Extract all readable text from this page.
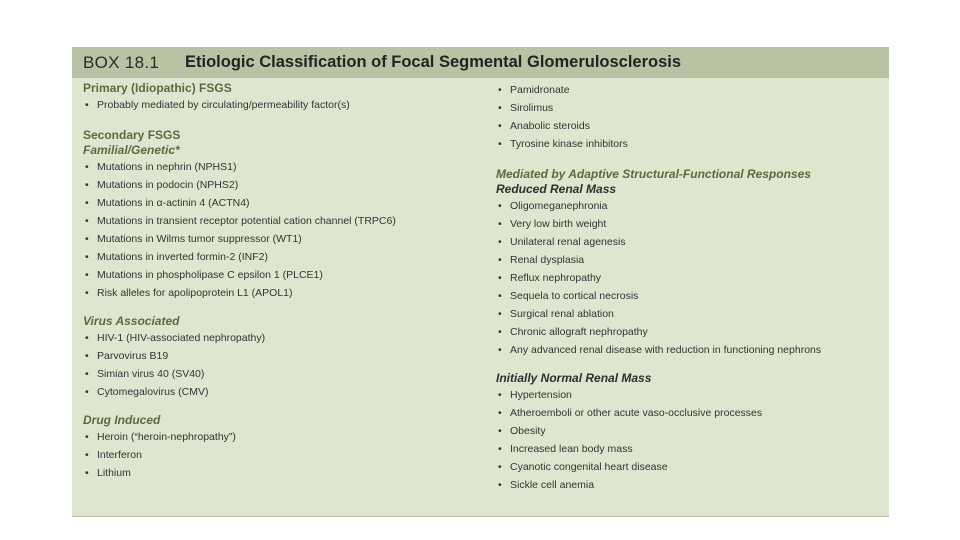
BOX 18.1 Etiologic Classification of Focal Segmental Glomerulosclerosis
Primary (Idiopathic) FSGS
• Probably mediated by circulating/permeability factor(s)
Secondary FSGS
Familial/Genetic*
• Mutations in nephrin (NPHS1)
• Mutations in podocin (NPHS2)
• Mutations in α-actinin 4 (ACTN4)
• Mutations in transient receptor potential cation channel (TRPC6)
• Mutations in Wilms tumor suppressor (WT1)
• Mutations in inverted formin-2 (INF2)
• Mutations in phospholipase C epsilon 1 (PLCE1)
• Risk alleles for apolipoprotein L1 (APOL1)
Virus Associated
• HIV-1 (HIV-associated nephropathy)
• Parvovirus B19
• Simian virus 40 (SV40)
• Cytomegalovirus (CMV)
Drug Induced
• Heroin (“heroin-nephropathy”)
• Interferon
• Lithium
• Pamidronate
• Sirolimus
• Anabolic steroids
• Tyrosine kinase inhibitors
Mediated by Adaptive Structural-Functional Responses
Reduced Renal Mass
• Oligomeganephronia
• Very low birth weight
• Unilateral renal agenesis
• Renal dysplasia
• Reflux nephropathy
• Sequela to cortical necrosis
• Surgical renal ablation
• Chronic allograft nephropathy
• Any advanced renal disease with reduction in functioning nephrons
Initially Normal Renal Mass
• Hypertension
• Atheroemboli or other acute vaso-occlusive processes
• Obesity
• Increased lean body mass
• Cyanotic congenital heart disease
• Sickle cell anemia
